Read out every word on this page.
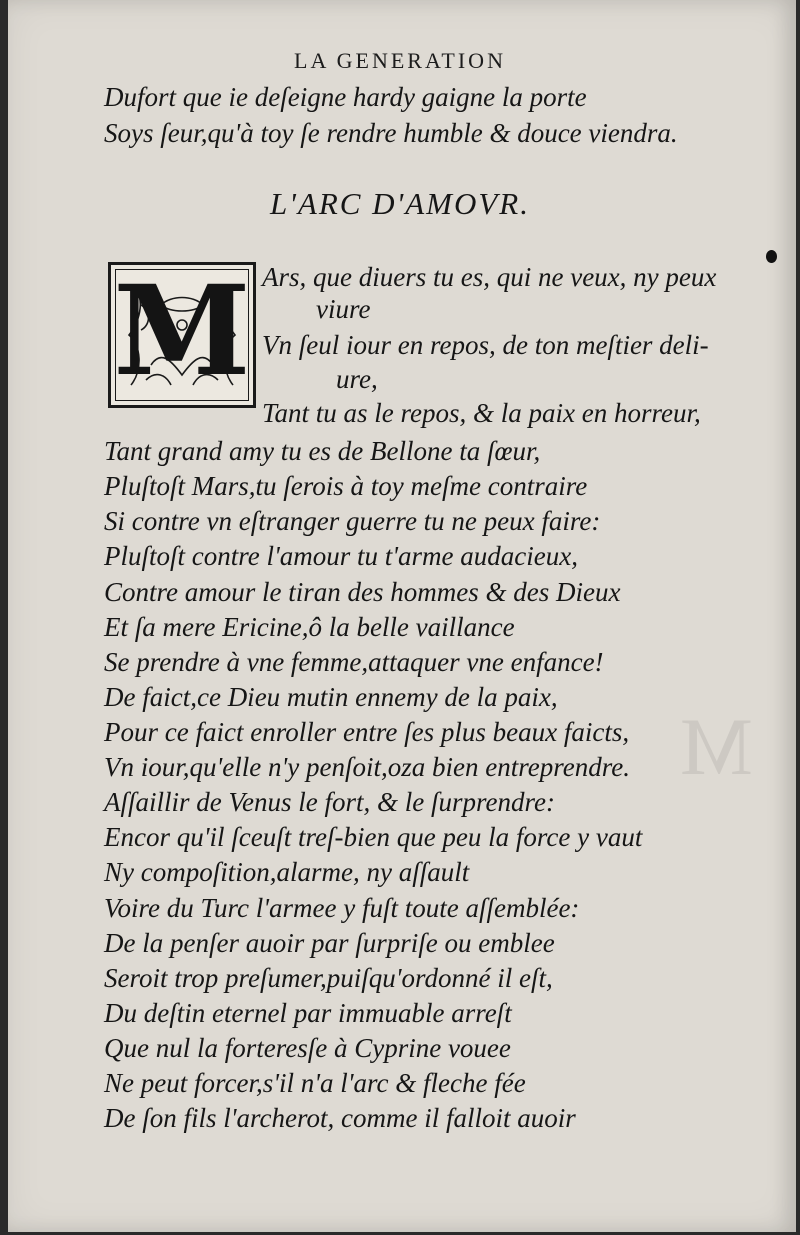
LA GENERATION
Dufort que ie deſeigne hardy gaigne la porte
Soys ſeur,qu'à toy ſe rendre humble & douce viendra.
L'ARC D'AMOVR.
M Ars, que diuers tu es, qui ne veux, ny peux
viure
Vn ſeul iour en repos, de ton meſtier deli-
ure,
Tant tu as le repos, & la paix en horreur,
Tant grand amy tu es de Bellone ta ſœur,
Pluſtoſt Mars,tu ſerois à toy meſme contraire
Si contre vn eſtranger guerre tu ne peux faire:
Pluſtoſt contre l'amour tu t'arme audacieux,
Contre amour le tiran des hommes & des Dieux
Et ſa mere Ericine,ô la belle vaillance
Se prendre à vne femme,attaquer vne enfance!
De faict,ce Dieu mutin ennemy de la paix,
Pour ce faict enroller entre ſes plus beaux faicts,
Vn iour,qu'elle n'y penſoit,oza bien entreprendre.
Aſſaillir de Venus le fort, & le ſurprendre:
Encor qu'il ſceuſt treſ-bien que peu la force y vaut
Ny compoſition,alarme, ny aſſault
Voire du Turc l'armee y fuſt toute aſſemblée:
De la penſer auoir par ſurpriſe ou emblee
Seroit trop preſumer,puiſqu'ordonné il eſt,
Du deſtin eternel par immuable arreſt
Que nul la forteresſe à Cyprine vouee
Ne peut forcer,s'il n'a l'arc & fleche fée
De ſon fils l'archerot, comme il falloit auoir
